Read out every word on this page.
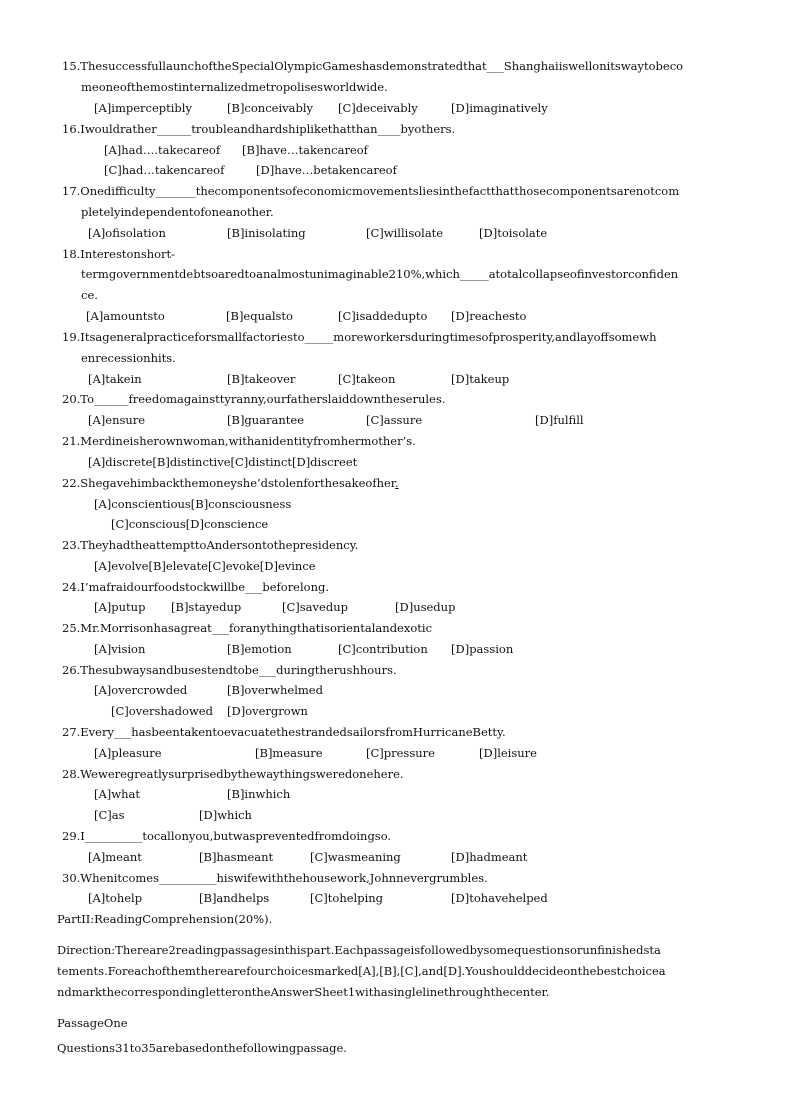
15.ThesuccessfullaunchoftheSpecialOlympicGameshasdemonstratedthat___Shanghaiiswellonitswaytobeco
meoneofthemostinternalizedmetropolisesworldwide.
[A]imperceptibly	[B]conceivably [C]deceivably	[D]imaginatively
16.Iwouldrather______troubleandhardshiplikethatthan____byothers.
[A]had….takecareof [B]have…takencareof
[C]had…takencareof	[D]have…betakencareof
17.Onedifficulty_______thecomponentsofeconomicmovementsliesinthefactthatthosecomponentsarenotcom
pletelyindependentofoneanother.
[A]ofisolation	[B]inisolating	[C]willisolate	[D]toisolate
18.Interestonshort-
termgovernmentdebtsoaredtoanalmostunimaginable210%,which_____atotalcollapseofinvestorconfiden
ce.
[A]amountsto	[B]equalsto	[C]isaddedupto [D]reachesto
19.Itsageneralpracticeforsmallfactoriesto_____moreworkersduringtimesofprosperity,andlayoffsomewh
enrecessionhits.
[A]takein	[B]takeover	[C]takeon	[D]takeup
20.To______freedomagainsttyranny,ourfatherslaiddowntheserules.
[A]ensure	[B]guarantee	[C]assure	[D]fulfill
21.Merdineisherownwoman,withanidentityfromhermother’s.
[A]discrete[B]distinctive[C]distinct[D]discreet
22.Shegavehimbackthemoneyshe’dstolenforthesakeofher.
[A]conscientious[B]consciousness
[C]conscious[D]conscience
23.TheyhadtheattempttoAndersontothepresidency.
[A]evolve[B]elevate[C]evoke[D]evince
24.I’mafraidourfoodstockwillbe___beforelong.
[A]putup [B]stayedup	[C]savedup	[D]usedup
25.Mr.Morrisonhasagreat___foranythingthatisorientalandexotic
[A]vision	[B]emotion	[C]contribution [D]passion
26.Thesubwaysandbusestendtobe___duringtherushhours.
[A]overcrowded	[B]overwhelmed
[C]overshadowed [D]overgrown
27.Every___hasbeentakentoevacuatethestrandedsailorsfromHurricaneBetty.
[A]pleasure	[B]measure	[C]pressure	[D]leisure
28.Weweregreatlysurprisedbythewaythingsweredonehere.
[A]what	[B]inwhich
[C]as	[D]which
29.I__________tocallonyou,butwaspreventedfromdoingso.
[A]meant	[B]hasmeant	[C]wasmeaning	[D]hadmeant
30.Whenitcomes__________hiswifewiththehousework,Johnnevergrumbles.
[A]tohelp	[B]andhelps	[C]tohelping	[D]tohavehelped
PartII:ReadingComprehension(20%).
Direction:Thereare2readingpassagesinthispart.Eachpassageisfollowedbysomequestionsorunfinishedsta
tements.Foreachofthemtherearefourchoicesmarked[A],[B],[C],and[D].Youshoulddecideonthebestchoicea
ndmarkthecorrespondingletterontheAnswerSheet1withasinglelinethroughthecenter.
PassageOne
Questions31to35arebasedonthefollowingpassage.
